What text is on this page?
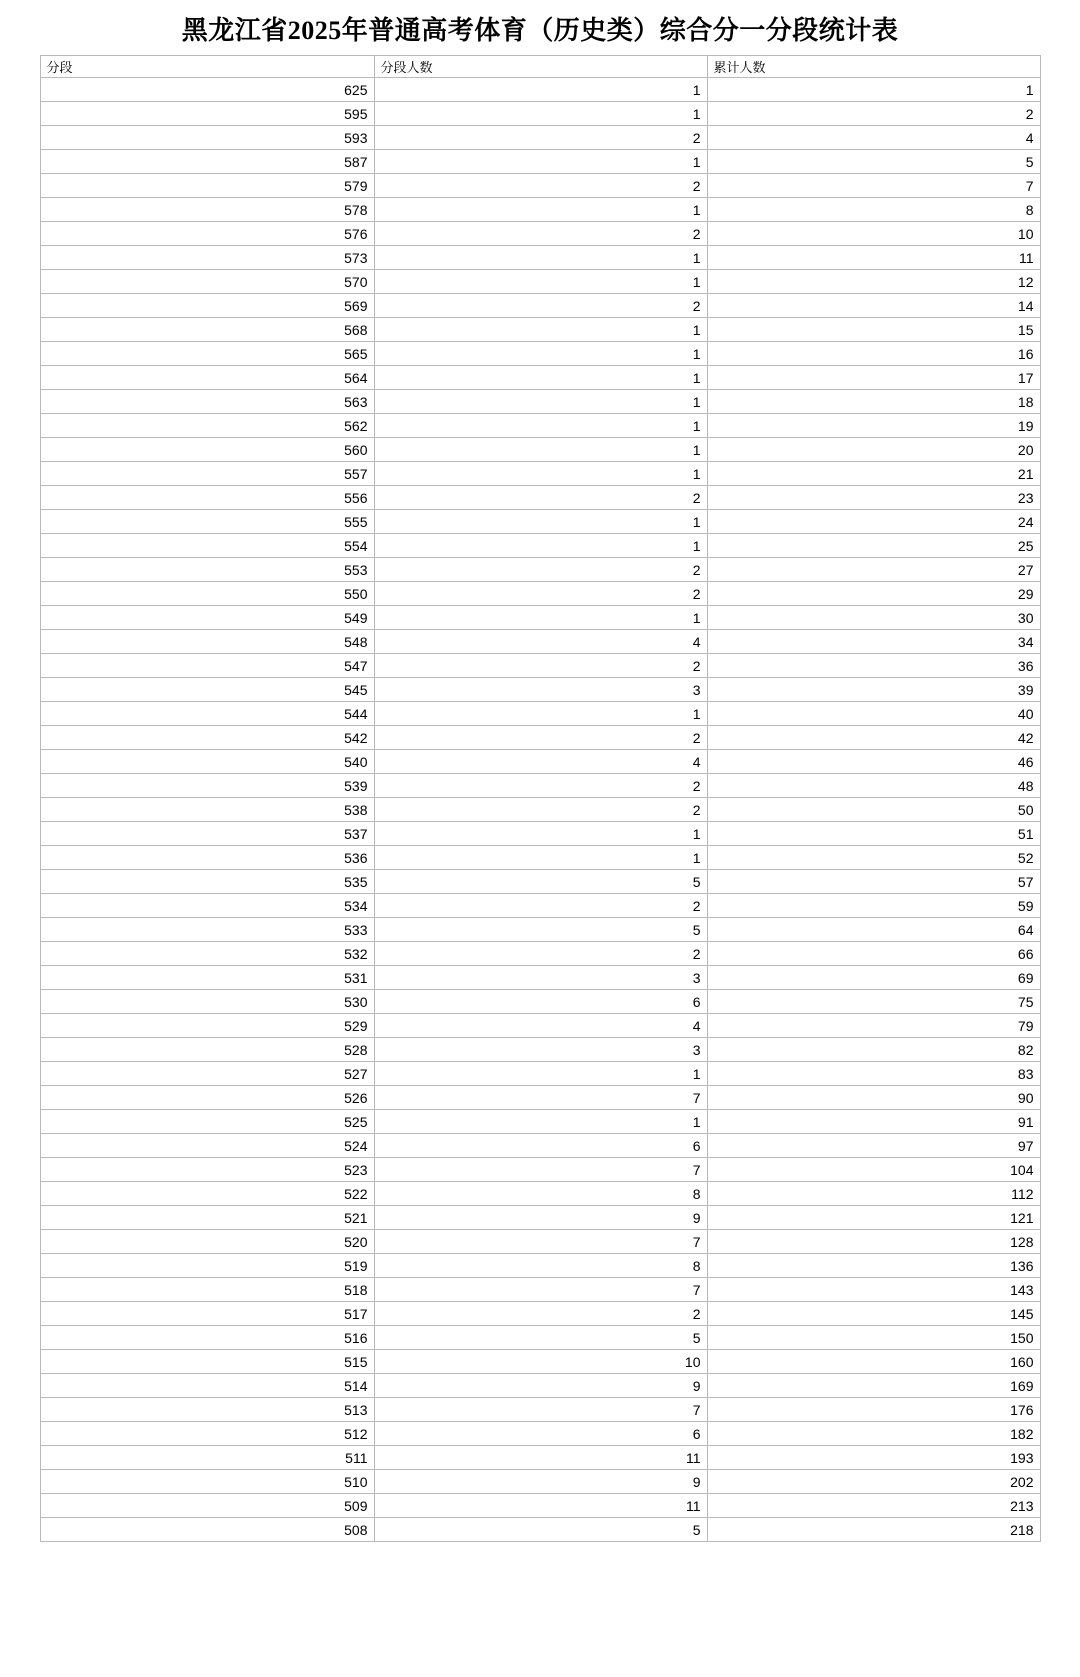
黑龙江省2025年普通高考体育（历史类）综合分一分段统计表
分段	分段人数	累计人数
625	1	1
595	1	2
593	2	4
587	1	5
579	2	7
578	1	8
576	2	10
573	1	11
570	1	12
569	2	14
568	1	15
565	1	16
564	1	17
563	1	18
562	1	19
560	1	20
557	1	21
556	2	23
555	1	24
554	1	25
553	2	27
550	2	29
549	1	30
548	4	34
547	2	36
545	3	39
544	1	40
542	2	42
540	4	46
539	2	48
538	2	50
537	1	51
536	1	52
535	5	57
534	2	59
533	5	64
532	2	66
531	3	69
530	6	75
529	4	79
528	3	82
527	1	83
526	7	90
525	1	91
524	6	97
523	7	104
522	8	112
521	9	121
520	7	128
519	8	136
518	7	143
517	2	145
516	5	150
515	10	160
514	9	169
513	7	176
512	6	182
511	11	193
510	9	202
509	11	213
508	5	218
